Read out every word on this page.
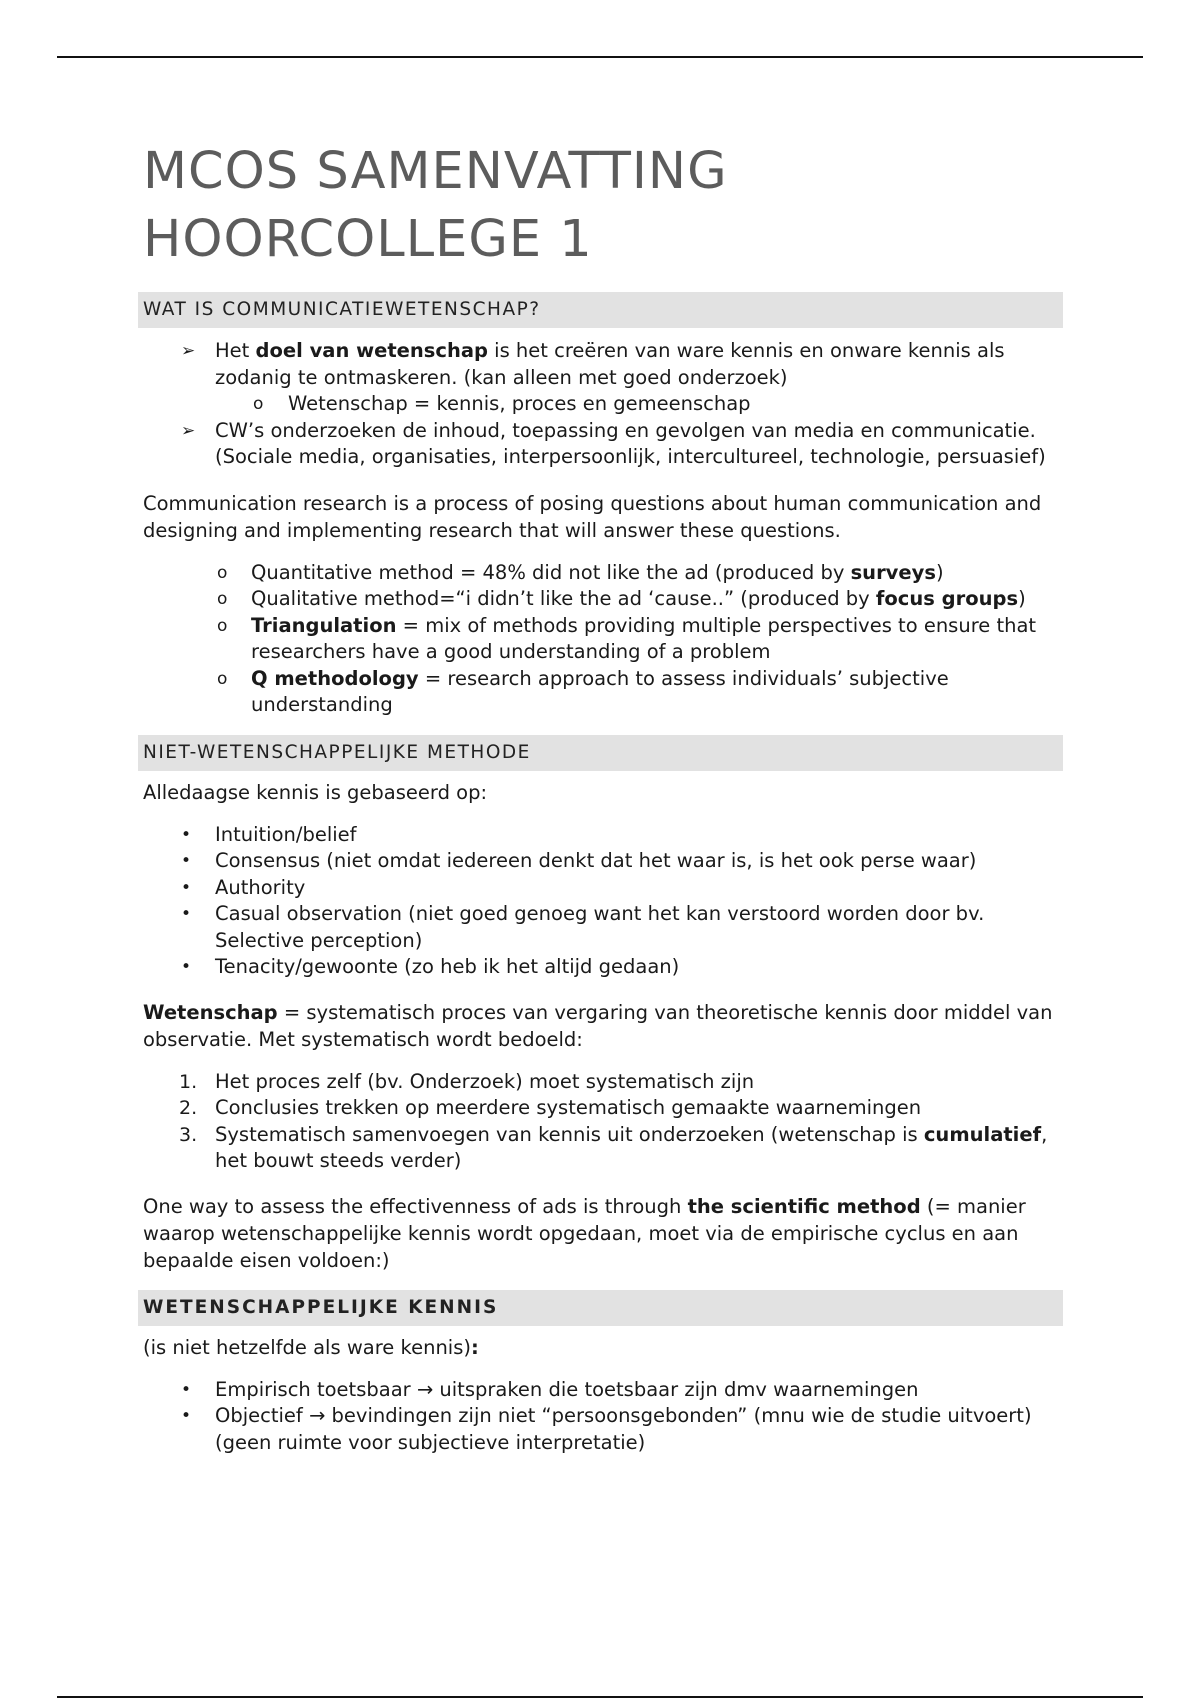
MCOS SAMENVATTING
HOORCOLLEGE 1
WAT IS COMMUNICATIEWETENSCHAP?
➢ Het doel van wetenschap is het creëren van ware kennis en onware kennis als zodanig te ontmaskeren. (kan alleen met goed onderzoek)
o Wetenschap = kennis, proces en gemeenschap
➢ CW’s onderzoeken de inhoud, toepassing en gevolgen van media en communicatie. (Sociale media, organisaties, interpersoonlijk, intercultureel, technologie, persuasief)
Communication research is a process of posing questions about human communication and designing and implementing research that will answer these questions.
o Quantitative method = 48% did not like the ad (produced by surveys)
o Qualitative method=“i didn’t like the ad ‘cause..” (produced by focus groups)
o Triangulation = mix of methods providing multiple perspectives to ensure that researchers have a good understanding of a problem
o Q methodology = research approach to assess individuals’ subjective understanding
NIET-WETENSCHAPPELIJKE METHODE
Alledaagse kennis is gebaseerd op:
• Intuition/belief
• Consensus (niet omdat iedereen denkt dat het waar is, is het ook perse waar)
• Authority
• Casual observation (niet goed genoeg want het kan verstoord worden door bv. Selective perception)
• Tenacity/gewoonte (zo heb ik het altijd gedaan)
Wetenschap = systematisch proces van vergaring van theoretische kennis door middel van observatie. Met systematisch wordt bedoeld:
1. Het proces zelf (bv. Onderzoek) moet systematisch zijn
2. Conclusies trekken op meerdere systematisch gemaakte waarnemingen
3. Systematisch samenvoegen van kennis uit onderzoeken (wetenschap is cumulatief, het bouwt steeds verder)
One way to assess the effectivenness of ads is through the scientific method (= manier waarop wetenschappelijke kennis wordt opgedaan, moet via de empirische cyclus en aan bepaalde eisen voldoen:)
WETENSCHAPPELIJKE KENNIS
(is niet hetzelfde als ware kennis):
• Empirisch toetsbaar → uitspraken die toetsbaar zijn dmv waarnemingen
• Objectief → bevindingen zijn niet “persoonsgebonden” (mnu wie de studie uitvoert) (geen ruimte voor subjectieve interpretatie)
